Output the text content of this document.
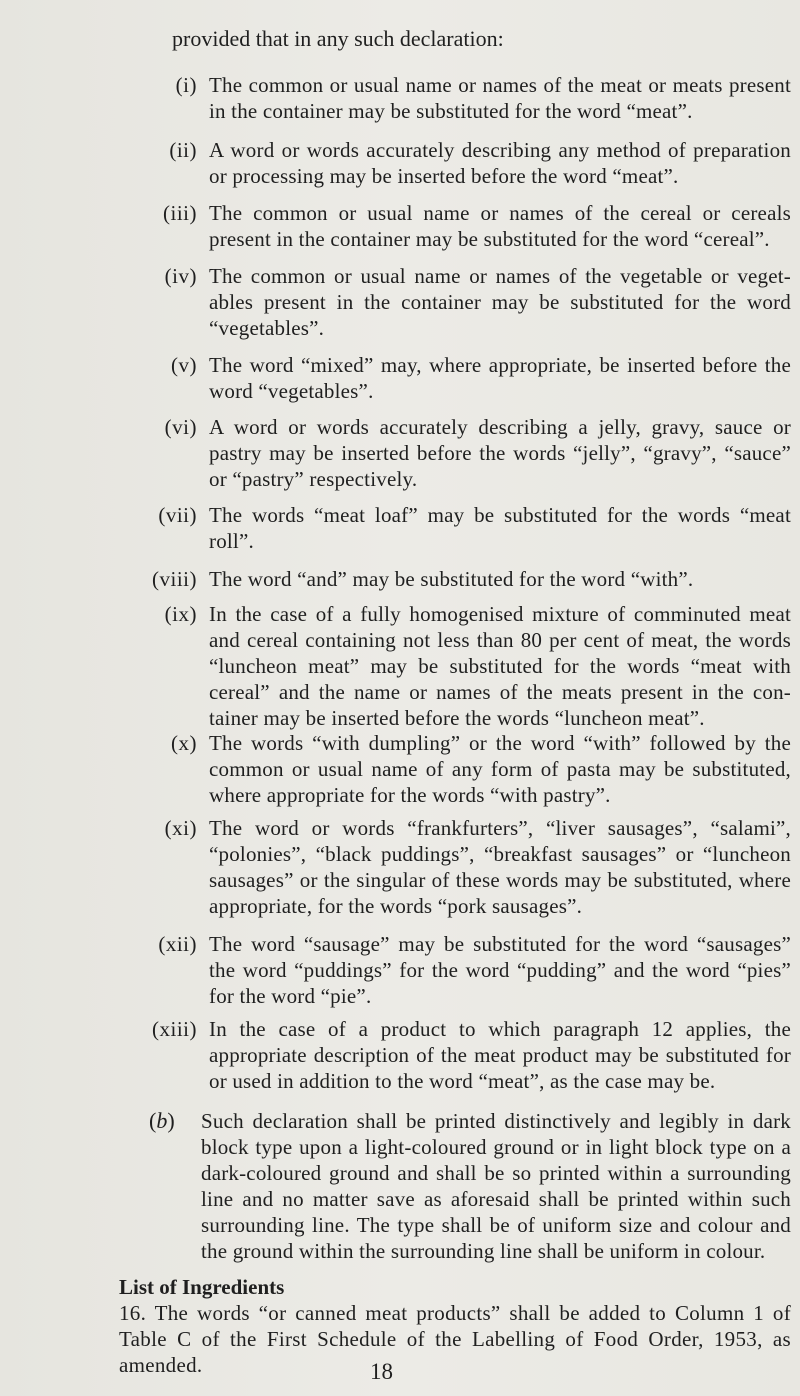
provided that in any such declaration:
(i) The common or usual name or names of the meat or meats present in the container may be substituted for the word “meat”.
(ii) A word or words accurately describing any method of preparation or processing may be inserted before the word “meat”.
(iii) The common or usual name or names of the cereal or cereals present in the container may be substituted for the word “cereal”.
(iv) The common or usual name or names of the vegetable or veget-ables present in the container may be substituted for the word “vegetables”.
(v) The word “mixed” may, where appropriate, be inserted before the word “vegetables”.
(vi) A word or words accurately describing a jelly, gravy, sauce or pastry may be inserted before the words “jelly”, “gravy”, “sauce” or “pastry” respectively.
(vii) The words “meat loaf” may be substituted for the words “meat roll”.
(viii) The word “and” may be substituted for the word “with”.
(ix) In the case of a fully homogenised mixture of comminuted meat and cereal containing not less than 80 per cent of meat, the words “luncheon meat” may be substituted for the words “meat with cereal” and the name or names of the meats present in the con-tainer may be inserted before the words “luncheon meat”.
(x) The words “with dumpling” or the word “with” followed by the common or usual name of any form of pasta may be substituted, where appropriate for the words “with pastry”.
(xi) The word or words “frankfurters”, “liver sausages”, “salami”, “polonies”, “black puddings”, “breakfast sausages” or “luncheon sausages” or the singular of these words may be substituted, where appropriate, for the words “pork sausages”.
(xii) The word “sausage” may be substituted for the word “sausages” the word “puddings” for the word “pudding” and the word “pies” for the word “pie”.
(xiii) In the case of a product to which paragraph 12 applies, the appropriate description of the meat product may be substituted for or used in addition to the word “meat”, as the case may be.
(b) Such declaration shall be printed distinctively and legibly in dark block type upon a light-coloured ground or in light block type on a dark-coloured ground and shall be so printed within a surrounding line and no matter save as aforesaid shall be printed within such surrounding line. The type shall be of uniform size and colour and the ground within the surrounding line shall be uniform in colour.
List of Ingredients
16. The words “or canned meat products” shall be added to Column 1 of Table C of the First Schedule of the Labelling of Food Order, 1953, as amended.	18
